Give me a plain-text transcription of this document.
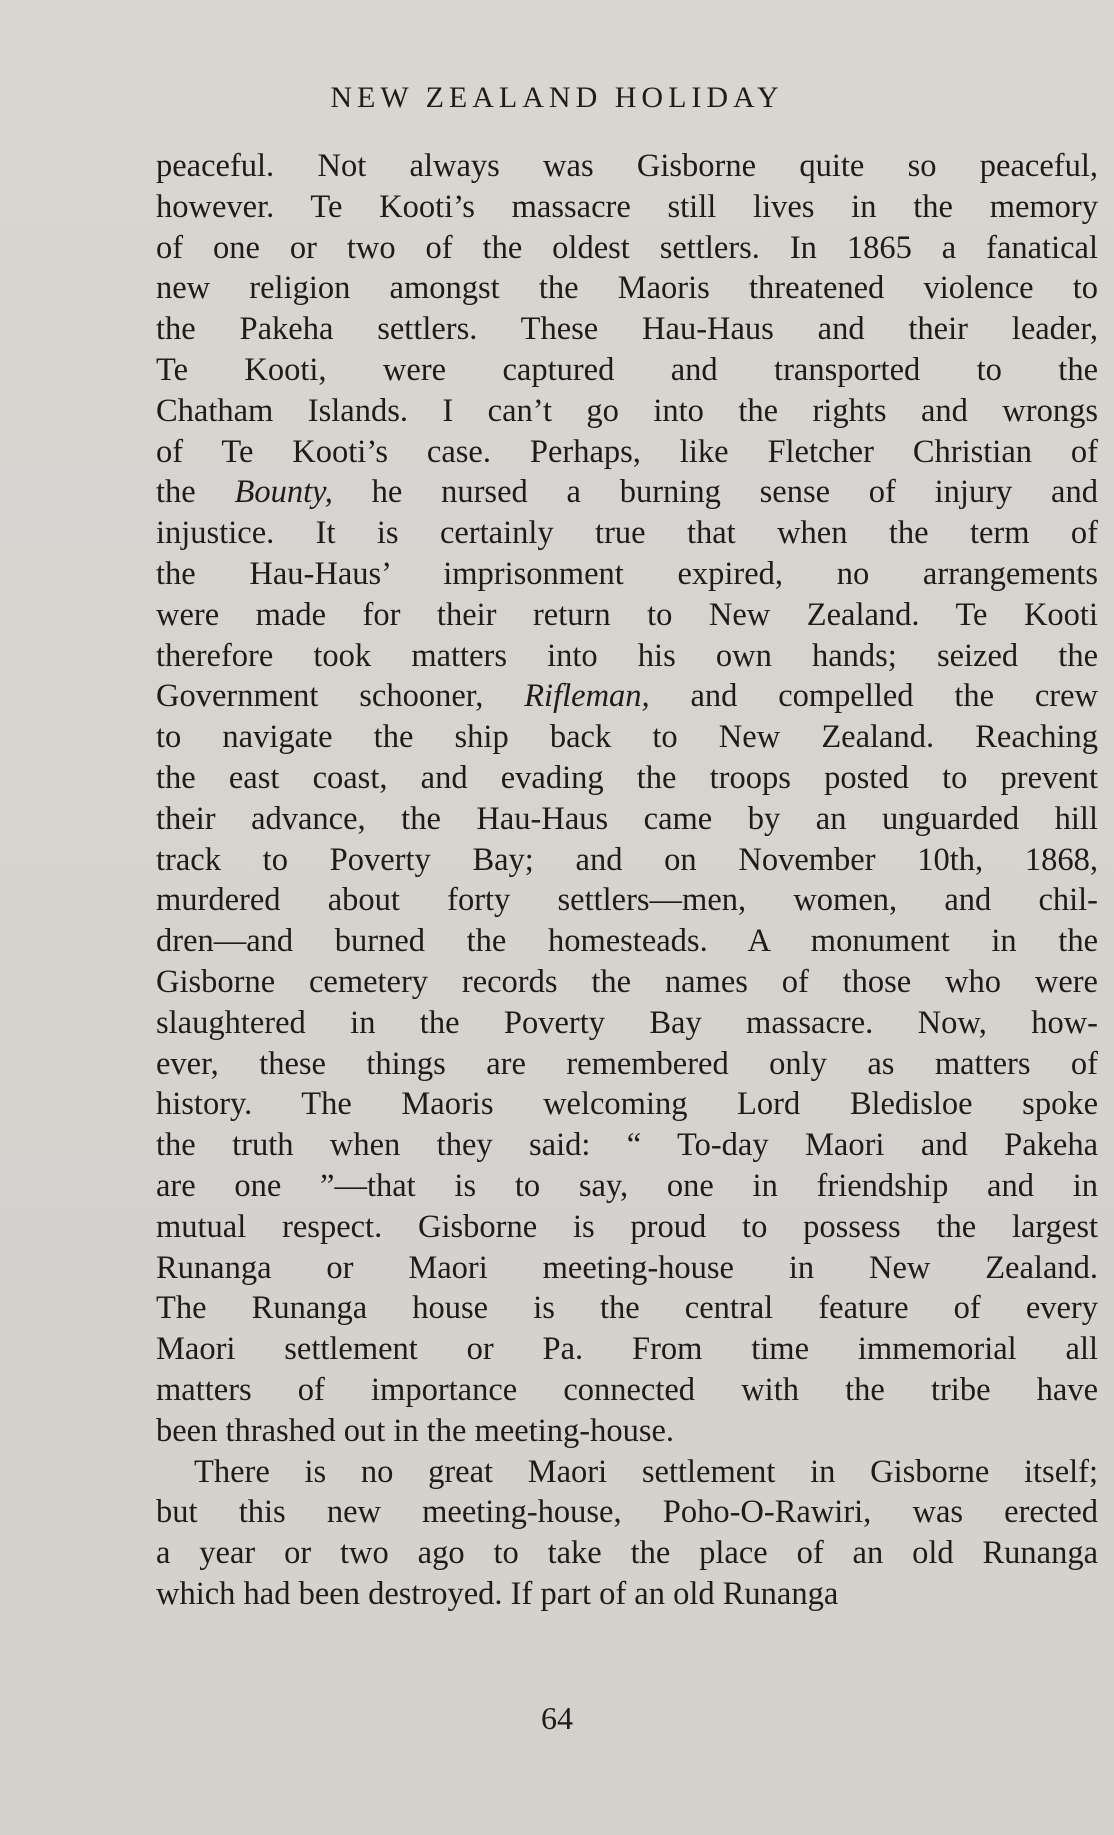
NEW ZEALAND HOLIDAY
peaceful. Not always was Gisborne quite so peaceful,
however. Te Kooti’s massacre still lives in the memory
of one or two of the oldest settlers. In 1865 a fanatical
new religion amongst the Maoris threatened violence to
the Pakeha settlers. These Hau-Haus and their leader,
Te Kooti, were captured and transported to the
Chatham Islands. I can’t go into the rights and wrongs
of Te Kooti’s case. Perhaps, like Fletcher Christian of
the Bounty, he nursed a burning sense of injury and
injustice. It is certainly true that when the term of
the Hau-Haus’ imprisonment expired, no arrangements
were made for their return to New Zealand. Te Kooti
therefore took matters into his own hands; seized the
Government schooner, Rifleman, and compelled the crew
to navigate the ship back to New Zealand. Reaching
the east coast, and evading the troops posted to prevent
their advance, the Hau-Haus came by an unguarded hill
track to Poverty Bay; and on November 10th, 1868,
murdered about forty settlers—men, women, and chil-
dren—and burned the homesteads. A monument in the
Gisborne cemetery records the names of those who were
slaughtered in the Poverty Bay massacre. Now, how-
ever, these things are remembered only as matters of
history. The Maoris welcoming Lord Bledisloe spoke
the truth when they said: “ To-day Maori and Pakeha
are one ”—that is to say, one in friendship and in
mutual respect. Gisborne is proud to possess the largest
Runanga or Maori meeting-house in New Zealand.
The Runanga house is the central feature of every
Maori settlement or Pa. From time immemorial all
matters of importance connected with the tribe have
been thrashed out in the meeting-house.
There is no great Maori settlement in Gisborne itself;
but this new meeting-house, Poho-O-Rawiri, was erected
a year or two ago to take the place of an old Runanga
which had been destroyed. If part of an old Runanga
64
